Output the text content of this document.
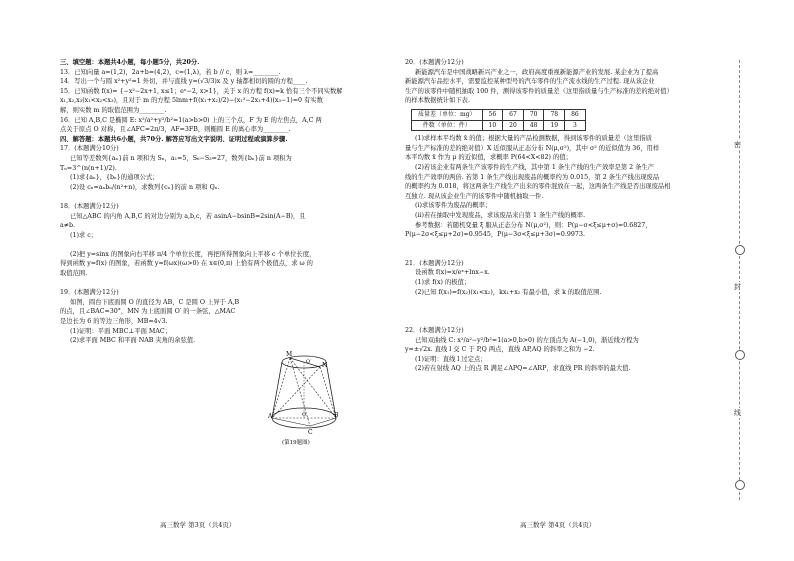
三、填空题：本题共4小题，每小题5分，共20分.

13．已知向量 a=(1,2)，2a+b=(4,2)，c=(1,λ)，若 b // c，则 λ=________.

14．写出一个与圆 x²+y²=1 外切，并与直线 y=(√3/3)x 及 y 轴都相切的圆的方程____.

15．已知函数 f(x)= {−x²−2x+1, x≤1；eˣ−2, x>1}，关于 x 的方程 f(x)=k 恰有三个不同实数解

x₁,x₂,x₃(x₁<x₂<x₃)，且对于 m 的方程 5lnm+f((x₁+x₂)/2)−(x₁²−2x₁+4)(x₃−1)=0 有实数

解，则实数 m 的取值范围为________.

16．已知 A,B,C 是椭圆 E: x²/a²+y²/b²=1(a>b>0) 上的三个点，F 为 E 的左焦点，A,C 两

点关于原点 O 对称，且∠AFC=2π/3，AF=3FB，则椭圆 E 的离心率为________.

四、解答题：本题共6小题，共70分. 解答应写出文字说明、证明过程或演算步骤.

17．(本题满分10分)

已知等差数列{aₙ}前 n 项和为 Sₙ，a₁=5，S₆−S₃=27，数列{bₙ}前 n 项积为

Tₙ=3^(n(n+1)/2).

(1)求{aₙ}，{bₙ}的通项公式；

(2)设 cₙ=aₙbₙ/(n²+n)，求数列{cₙ}的前 n 项和 Qₙ.

18．(本题满分12分)

已知△ABC 的内角 A,B,C 的对边分别为 a,b,c，若 asinA−bsinB=2sin(A−B)，且

a≠b.

(1)求 c；

(2)把 y=sinx 的图象向右平移 π/4 个单位长度，再把所得图象向上平移 c 个单位长度，

得到函数 y=f(x) 的图象，若函数 y=f(ωx)(ω>0) 在 x∈(0,π) 上恰有两个极值点，求 ω 的

取值范围.

19．(本题满分12分)

如图，圆台下底面圆 O 的直径为 AB，C 是圆 O 上异于 A,B

的点，且∠BAC=30°，MN 为上底面圆 O′ 的一条弦，△MAC

是边长为 6 的等边三角形，MB=4√3.

(1)证明：平面 MBC⊥平面 MAC；

(2)求平面 MBC 和平面 NAB 夹角的余弦值.

M
N
O′
A	B
C
O
(第19题图)

20．(本题满分12分)

新能源汽车是中国战略新兴产业之一，政府高度重视新能源产业的发展. 某企业为了提高

新能源汽车品控水平，需要监控某种型号的汽车零件的生产流水线的生产过程. 现从该企业

生产的该零件中随机抽取 100 件，测得该零件的质量差（这里指质量与生产标准的差的绝对值）

的样本数据统计如下表.

质量差（单位：mg）	56	67	70	78	86
件数（单位：件）	10	20	48	19	3

(1)求样本平均数 x̄ 的值；根据大量的产品检测数据，得到该零件的质量差（这里指质

量与生产标准的差的绝对值）X 近似服从正态分布 N(μ,σ²)，其中 σ² 的近似值为 36，用样

本平均数 x̄ 作为 μ 的近似值，求概率 P(64<X<82) 的值；

(2)若该企业有两条生产该零件的生产线，其中第 1 条生产线的生产效率是第 2 条生产

线的生产效率的两倍. 若第 1 条生产线出现废品的概率约为 0.015，第 2 条生产线出现废品

的概率约为 0.018，将这两条生产线生产出来的零件混放在一起，这两条生产线是否出现废品相

互独立. 现从该企业生产的该零件中随机抽取一件.

(i)求该零件为废品的概率；

(ii)若在抽取中发现废品，求该废品来自第 1 条生产线的概率.

参考数据：若随机变量 ξ 服从正态分布 N(μ,σ²)，则：P(μ−σ<ξ≤μ+σ)≈0.6827，

P(μ−2σ<ξ≤μ+2σ)≈0.9545，P(μ−3σ<ξ≤μ+3σ)≈0.9973.

21．(本题满分12分)

设函数 f(x)=x/eˣ+lnx−x.

(1)求 f(x) 的极值；

(2)已知 f(x₁)=f(x₂)(x₁<x₂)，kx₁+x₂ 有最小值，求 k 的取值范围.

22．(本题满分12分)

已知双曲线 C: x²/a²−y²/b²=1(a>0,b>0) 的左顶点为 A(−1,0)，渐近线方程为

y=±√2x. 直线 l 交 C 于 P,Q 两点，直线 AP,AQ 的斜率之和为 −2.

(1)证明：直线 l 过定点；

(2)若在射线 AQ 上的点 R 满足∠APQ=∠ARP，求直线 PR 的斜率的最大值.

高三数学 第3页（共4页）	高三数学 第4页（共4页）
密
封
线
